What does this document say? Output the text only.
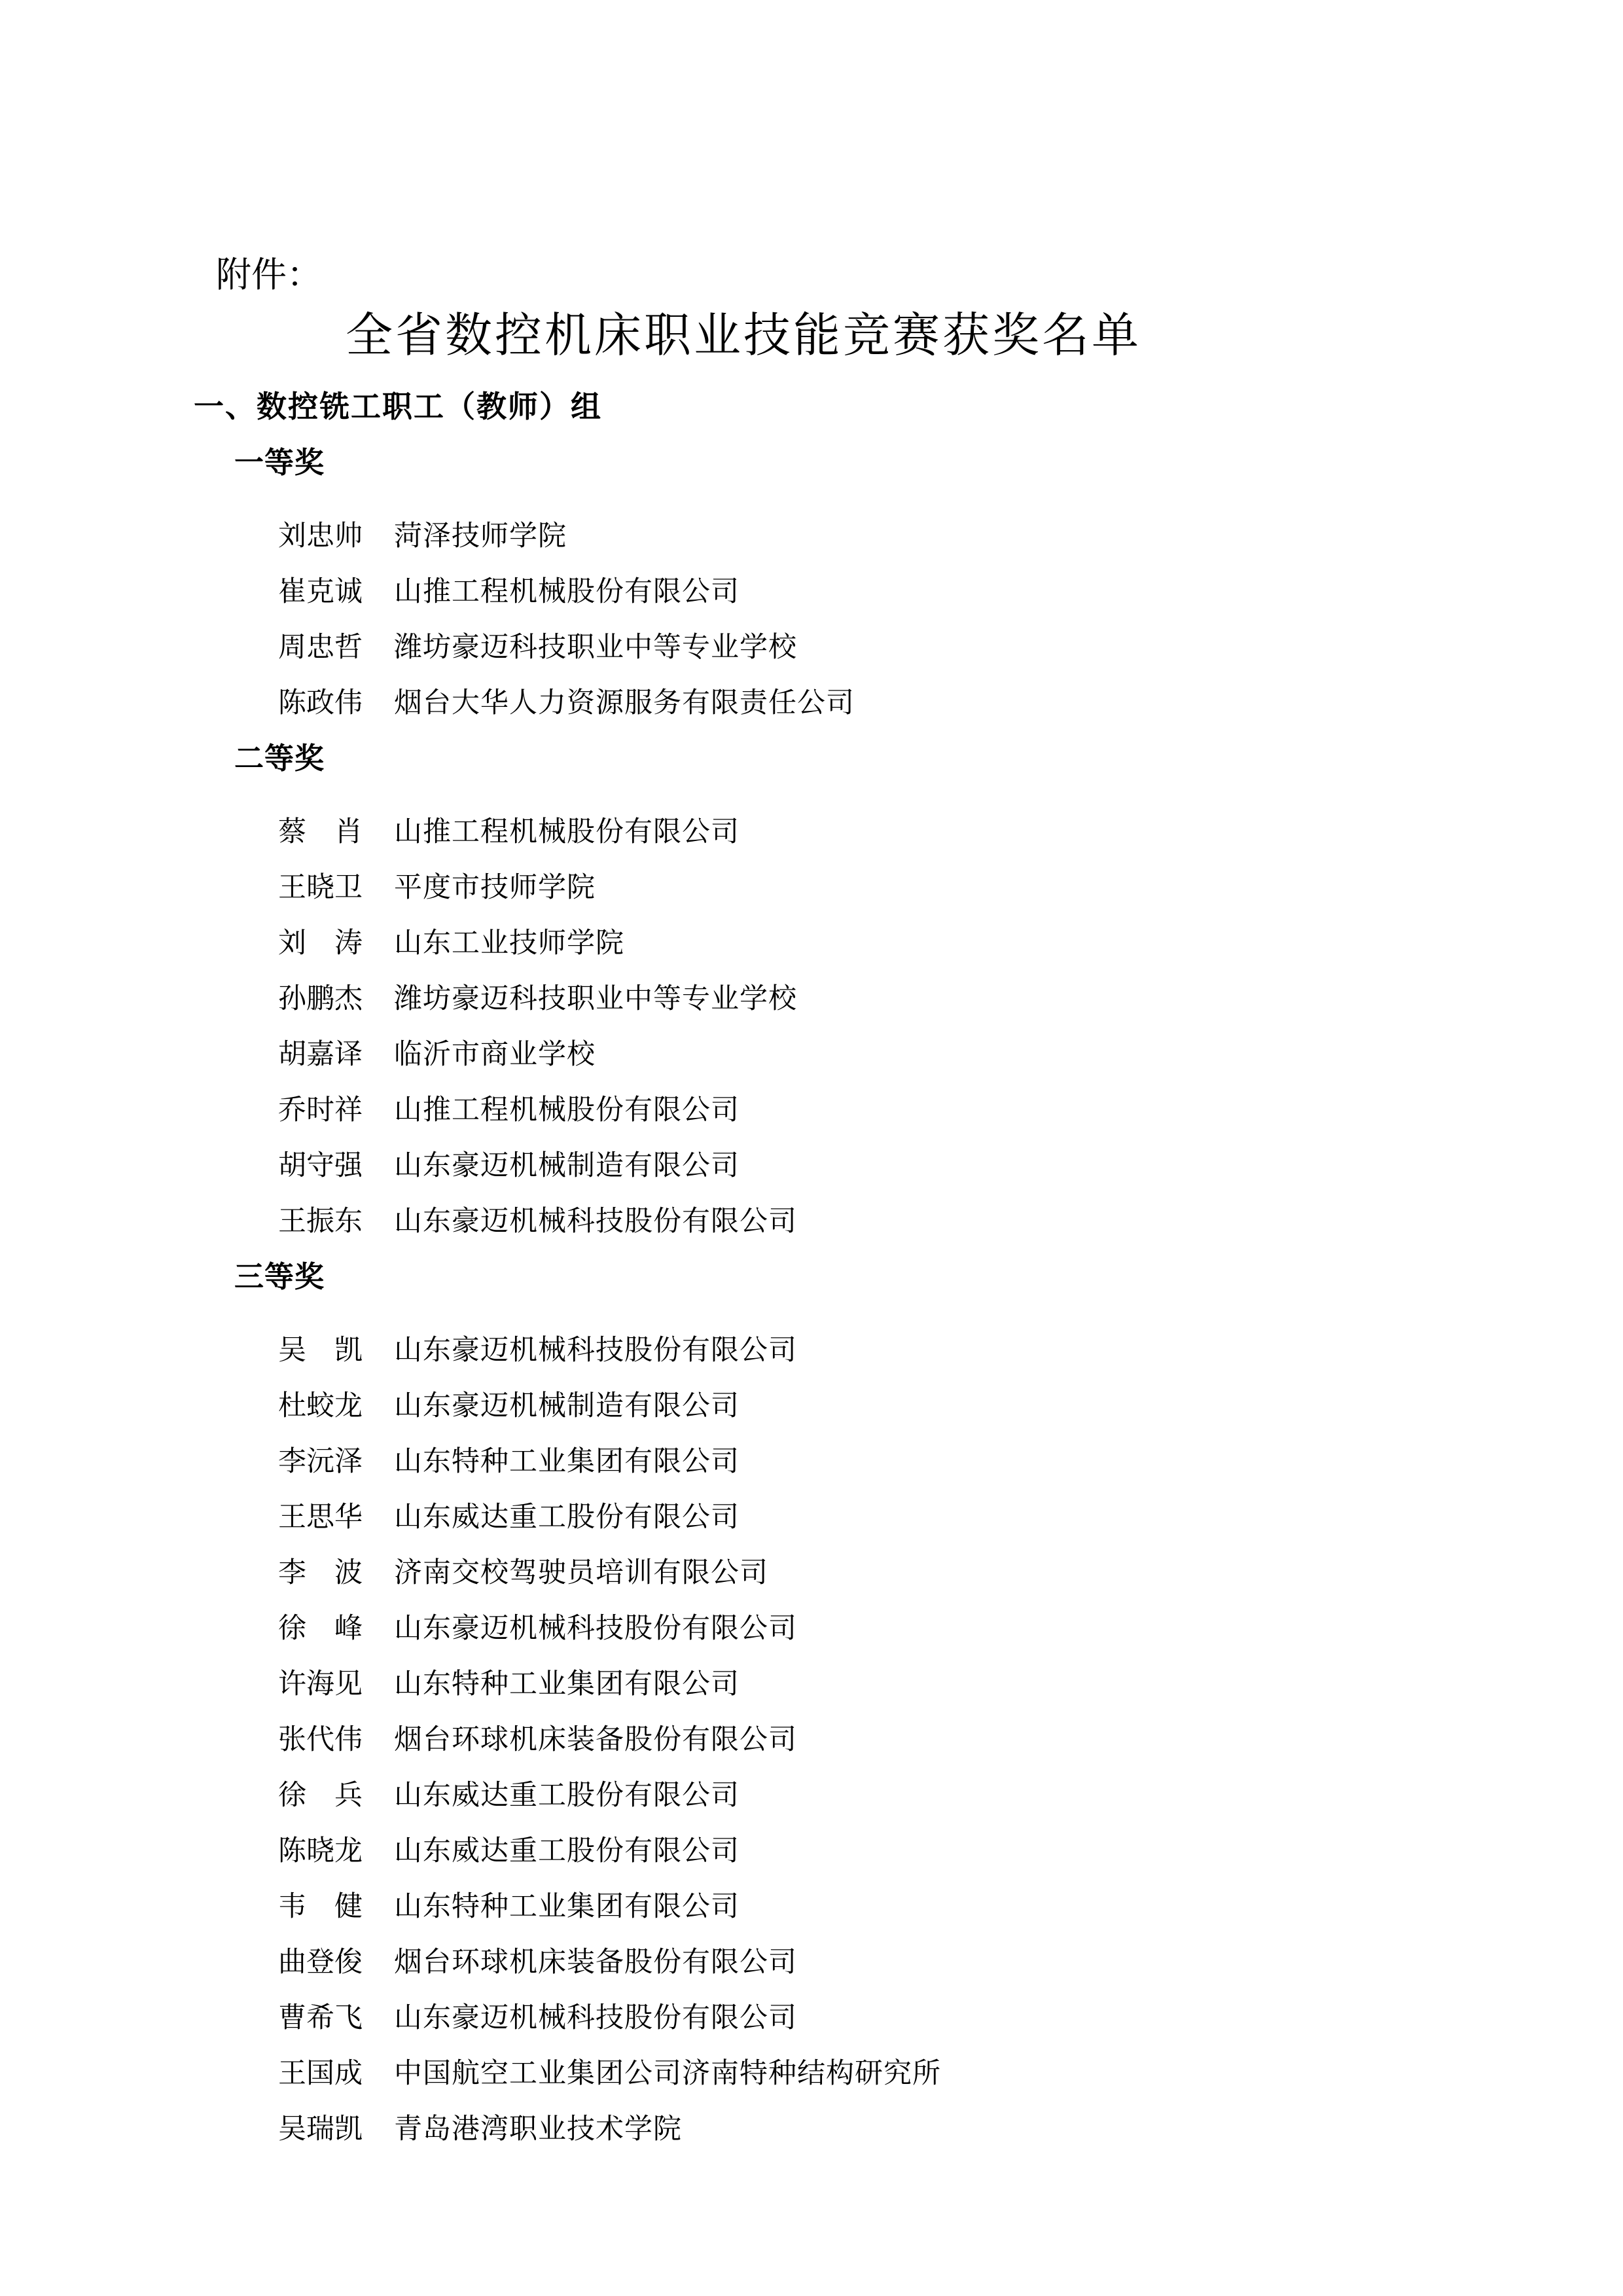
附件：
全省数控机床职业技能竞赛获奖名单
一、数控铣工职工（教师）组
一等奖
刘忠帅 菏泽技师学院
崔克诚 山推工程机械股份有限公司
周忠哲 潍坊豪迈科技职业中等专业学校
陈政伟 烟台大华人力资源服务有限责任公司
二等奖
蔡　肖 山推工程机械股份有限公司
王晓卫 平度市技师学院
刘　涛 山东工业技师学院
孙鹏杰 潍坊豪迈科技职业中等专业学校
胡嘉译 临沂市商业学校
乔时祥 山推工程机械股份有限公司
胡守强 山东豪迈机械制造有限公司
王振东 山东豪迈机械科技股份有限公司
三等奖
吴　凯 山东豪迈机械科技股份有限公司
杜蛟龙 山东豪迈机械制造有限公司
李沅泽 山东特种工业集团有限公司
王思华 山东威达重工股份有限公司
李　波 济南交校驾驶员培训有限公司
徐　峰 山东豪迈机械科技股份有限公司
许海见 山东特种工业集团有限公司
张代伟 烟台环球机床装备股份有限公司
徐　兵 山东威达重工股份有限公司
陈晓龙 山东威达重工股份有限公司
韦　健 山东特种工业集团有限公司
曲登俊 烟台环球机床装备股份有限公司
曹希飞 山东豪迈机械科技股份有限公司
王国成 中国航空工业集团公司济南特种结构研究所
吴瑞凯 青岛港湾职业技术学院
